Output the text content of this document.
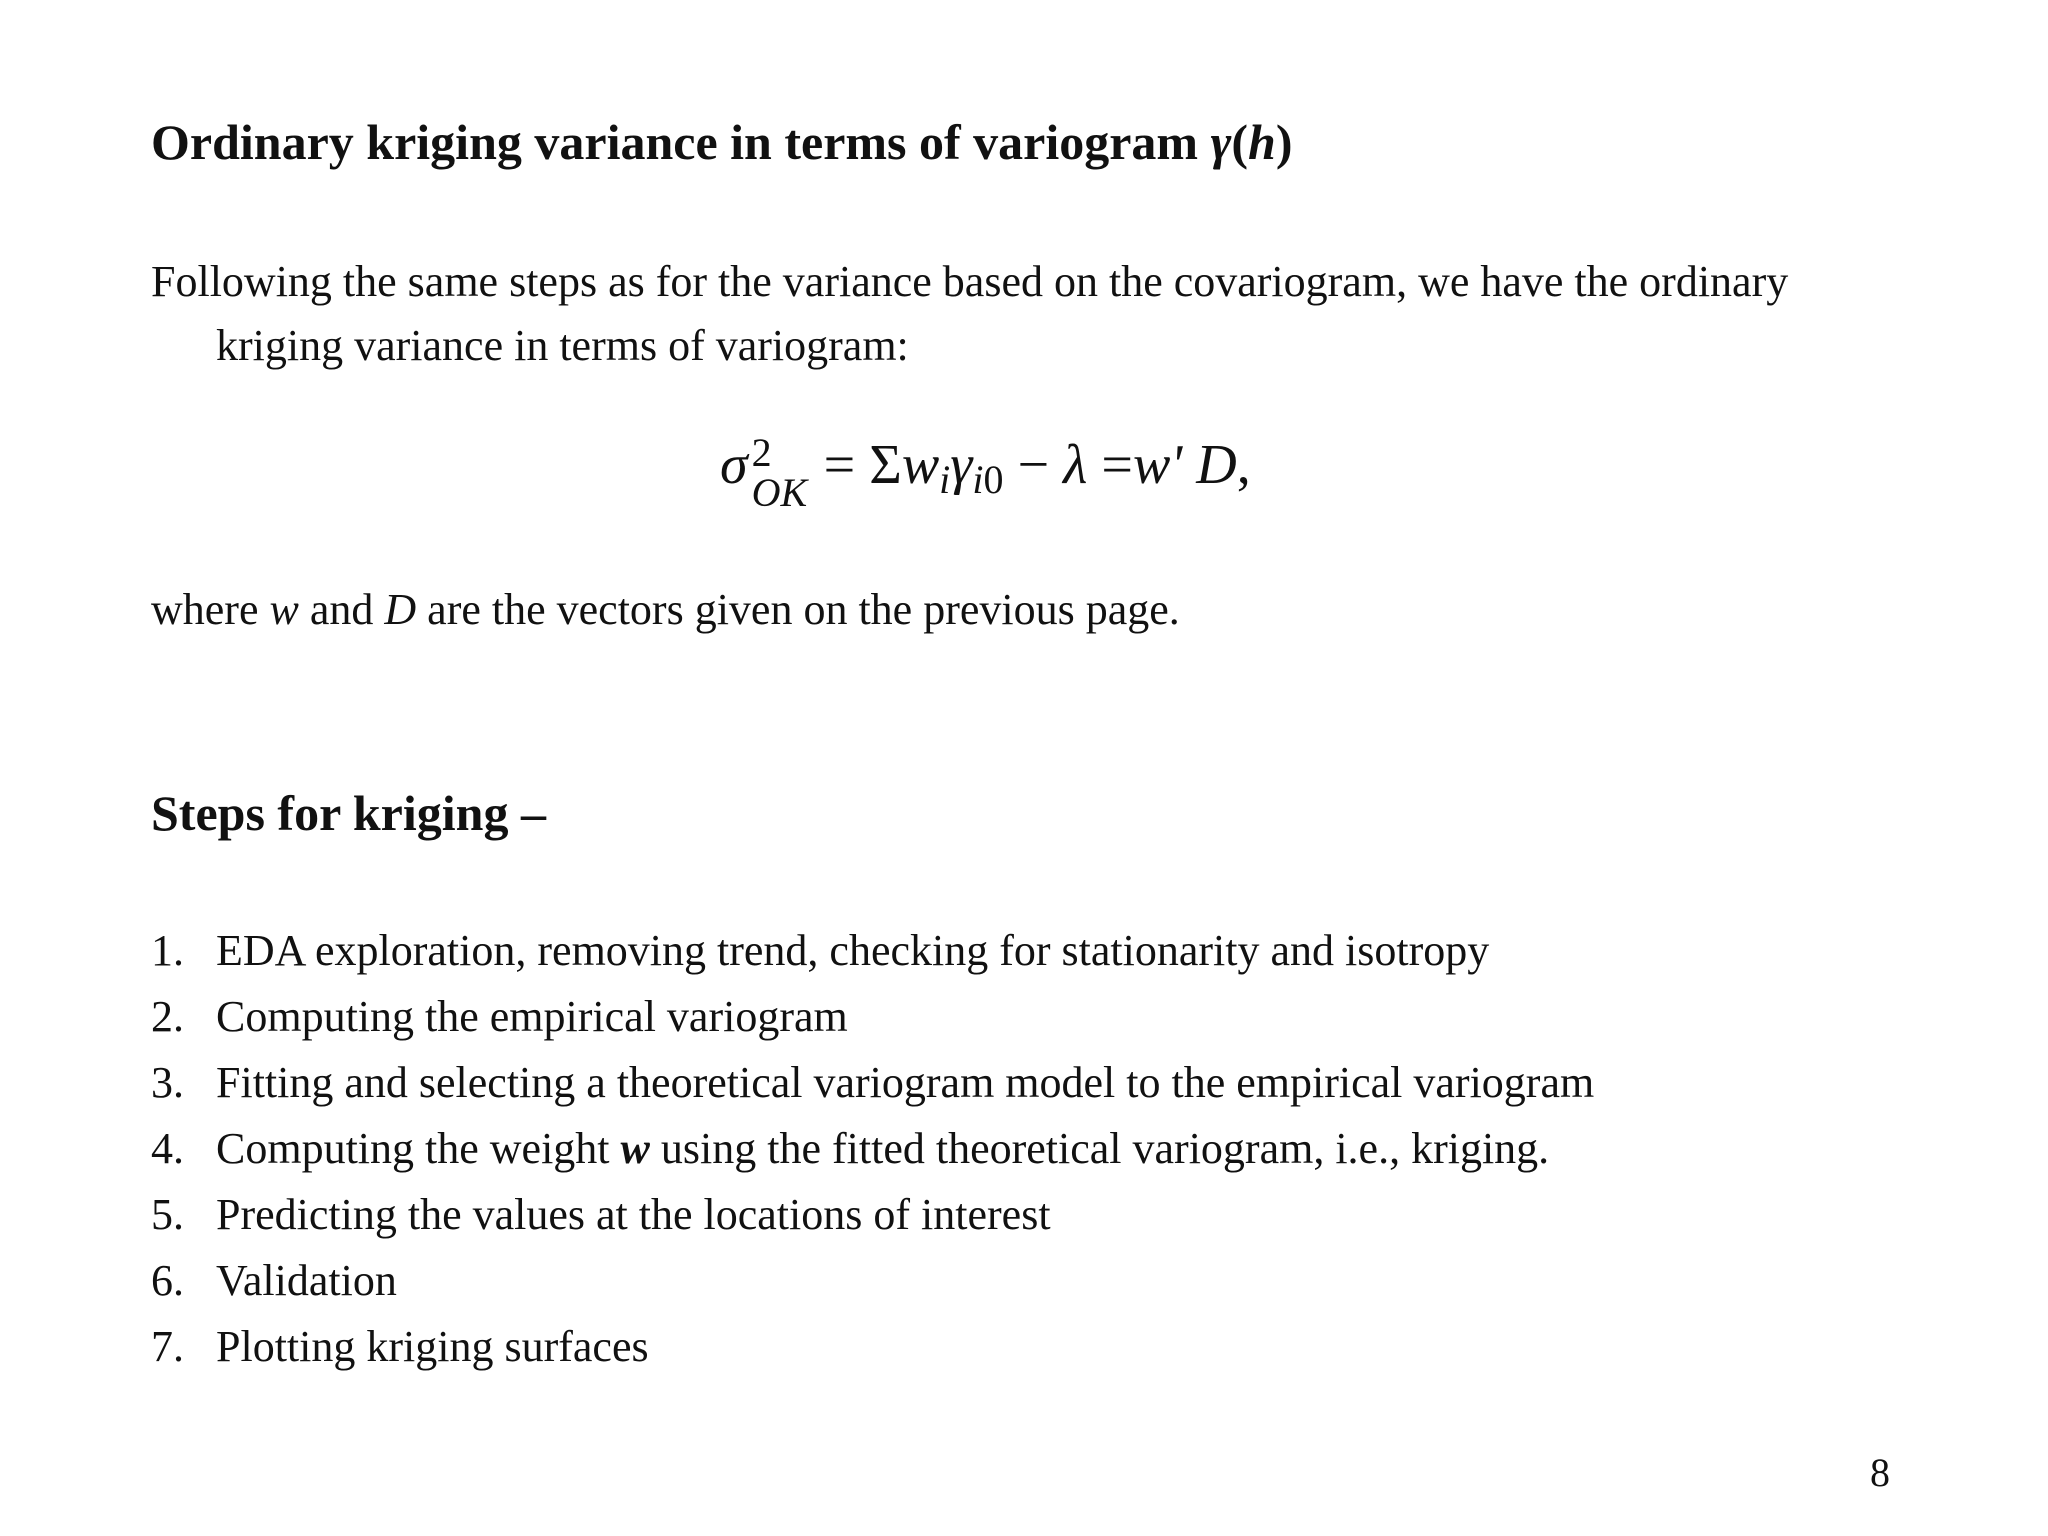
Ordinary kriging variance in terms of variogram γ(h)
Following the same steps as for the variance based on the covariogram, we have the ordinary
kriging variance in terms of variogram:
σ 2
OK = Σwiγi0 − λ =w' D,
where w and D are the vectors given on the previous page.
Steps for kriging –
1. EDA exploration, removing trend, checking for stationarity and isotropy
2. Computing the empirical variogram
3. Fitting and selecting a theoretical variogram model to the empirical variogram
4. Computing the weight w using the fitted theoretical variogram, i.e., kriging.
5. Predicting the values at the locations of interest
6. Validation
7. Plotting kriging surfaces
8
